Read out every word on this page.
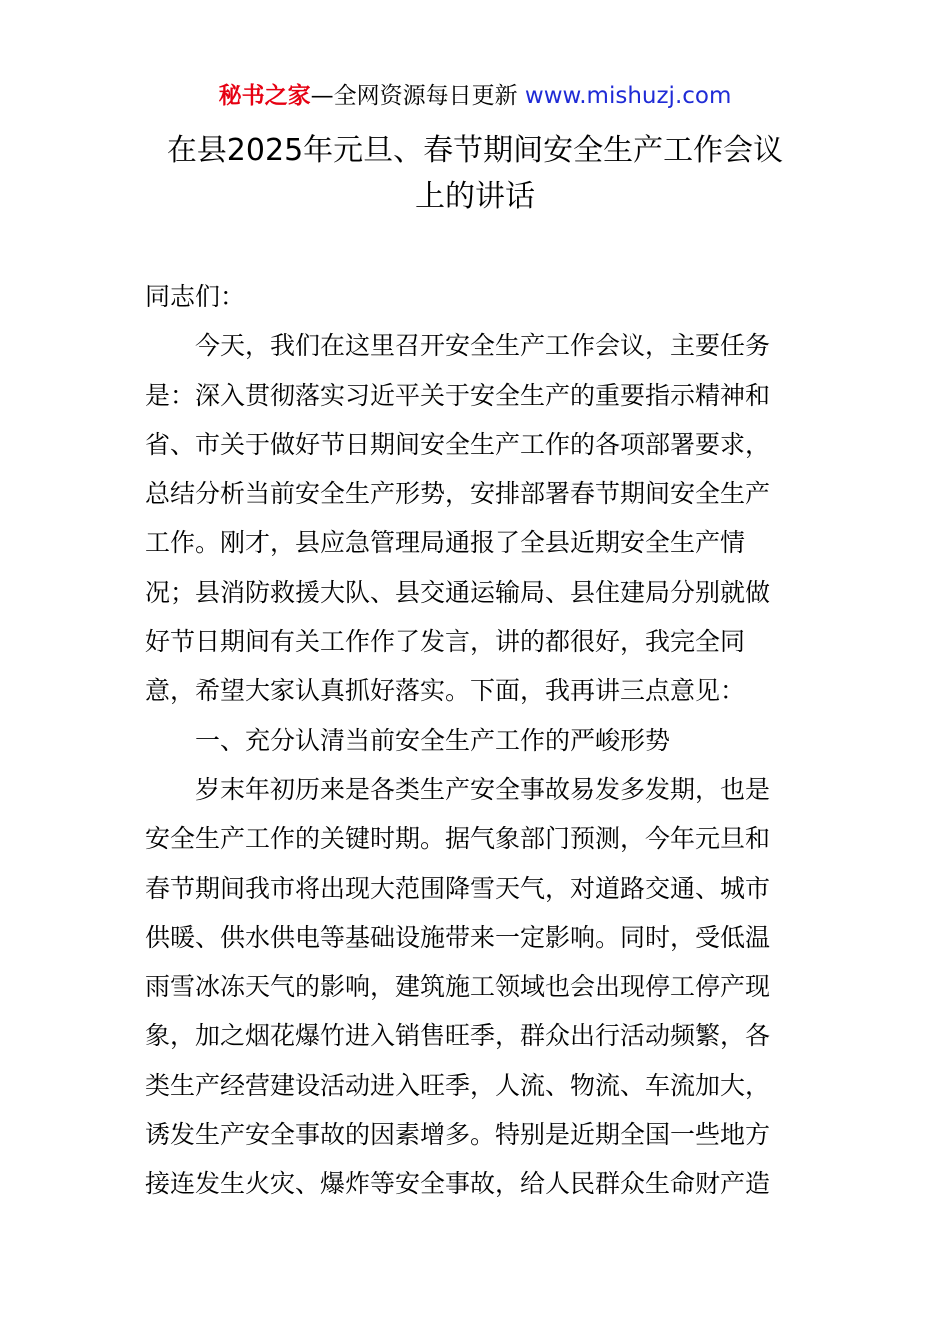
秘书之家—全网资源每日更新 www.mishuzj.com
在县2025年元旦、春节期间安全生产工作会议
上的讲话
同志们：
今天，我们在这里召开安全生产工作会议，主要任务
是：深入贯彻落实习近平关于安全生产的重要指示精神和
省、市关于做好节日期间安全生产工作的各项部署要求，
总结分析当前安全生产形势，安排部署春节期间安全生产
工作。刚才，县应急管理局通报了全县近期安全生产情
况；县消防救援大队、县交通运输局、县住建局分别就做
好节日期间有关工作作了发言，讲的都很好，我完全同
意，希望大家认真抓好落实。下面，我再讲三点意见：
一、充分认清当前安全生产工作的严峻形势
岁末年初历来是各类生产安全事故易发多发期，也是
安全生产工作的关键时期。据气象部门预测，今年元旦和
春节期间我市将出现大范围降雪天气，对道路交通、城市
供暖、供水供电等基础设施带来一定影响。同时，受低温
雨雪冰冻天气的影响，建筑施工领域也会出现停工停产现
象，加之烟花爆竹进入销售旺季，群众出行活动频繁，各
类生产经营建设活动进入旺季，人流、物流、车流加大，
诱发生产安全事故的因素增多。特别是近期全国一些地方
接连发生火灾、爆炸等安全事故，给人民群众生命财产造
